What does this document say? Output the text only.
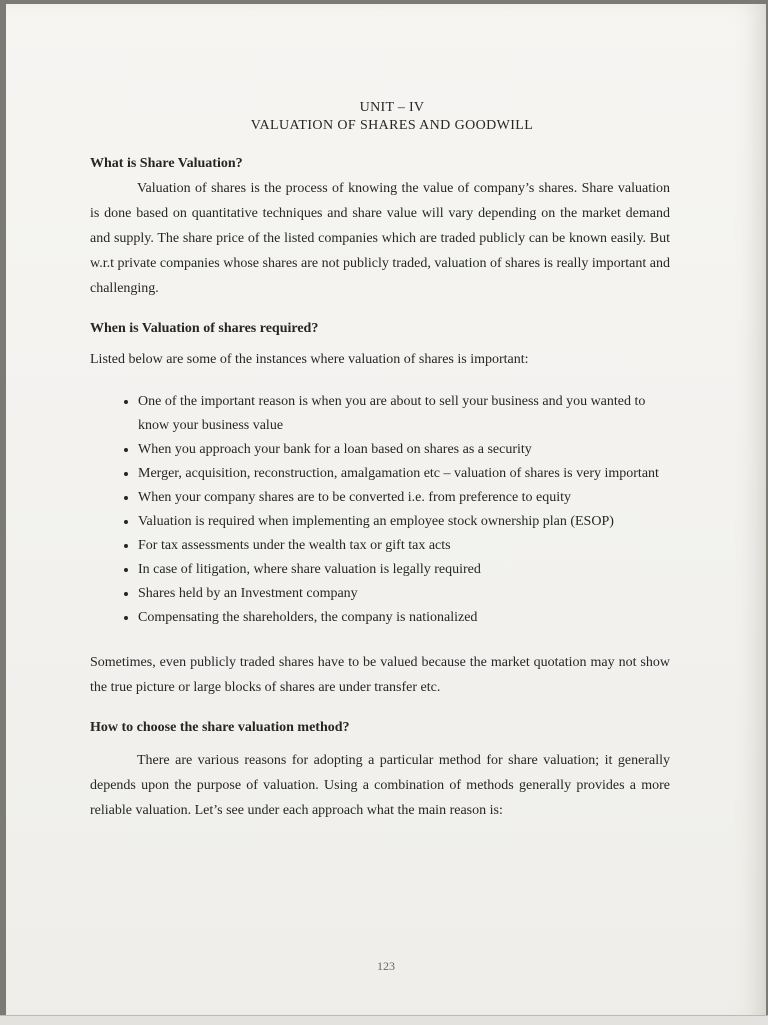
UNIT – IV
VALUATION OF SHARES AND GOODWILL
What is Share Valuation?

Valuation of shares is the process of knowing the value of company’s shares. Share valuation is done based on quantitative techniques and share value will vary depending on the market demand and supply. The share price of the listed companies which are traded publicly can be known easily. But w.r.t private companies whose shares are not publicly traded, valuation of shares is really important and challenging.

When is Valuation of shares required?

Listed below are some of the instances where valuation of shares is important:

• One of the important reason is when you are about to sell your business and you wanted to know your business value
• When you approach your bank for a loan based on shares as a security
• Merger, acquisition, reconstruction, amalgamation etc – valuation of shares is very important
• When your company shares are to be converted i.e. from preference to equity
• Valuation is required when implementing an employee stock ownership plan (ESOP)
• For tax assessments under the wealth tax or gift tax acts
• In case of litigation, where share valuation is legally required
• Shares held by an Investment company
• Compensating the shareholders, the company is nationalized

Sometimes, even publicly traded shares have to be valued because the market quotation may not show the true picture or large blocks of shares are under transfer etc.

How to choose the share valuation method?

There are various reasons for adopting a particular method for share valuation; it generally depends upon the purpose of valuation. Using a combination of methods generally provides a more reliable valuation. Let’s see under each approach what the main reason is:

123
